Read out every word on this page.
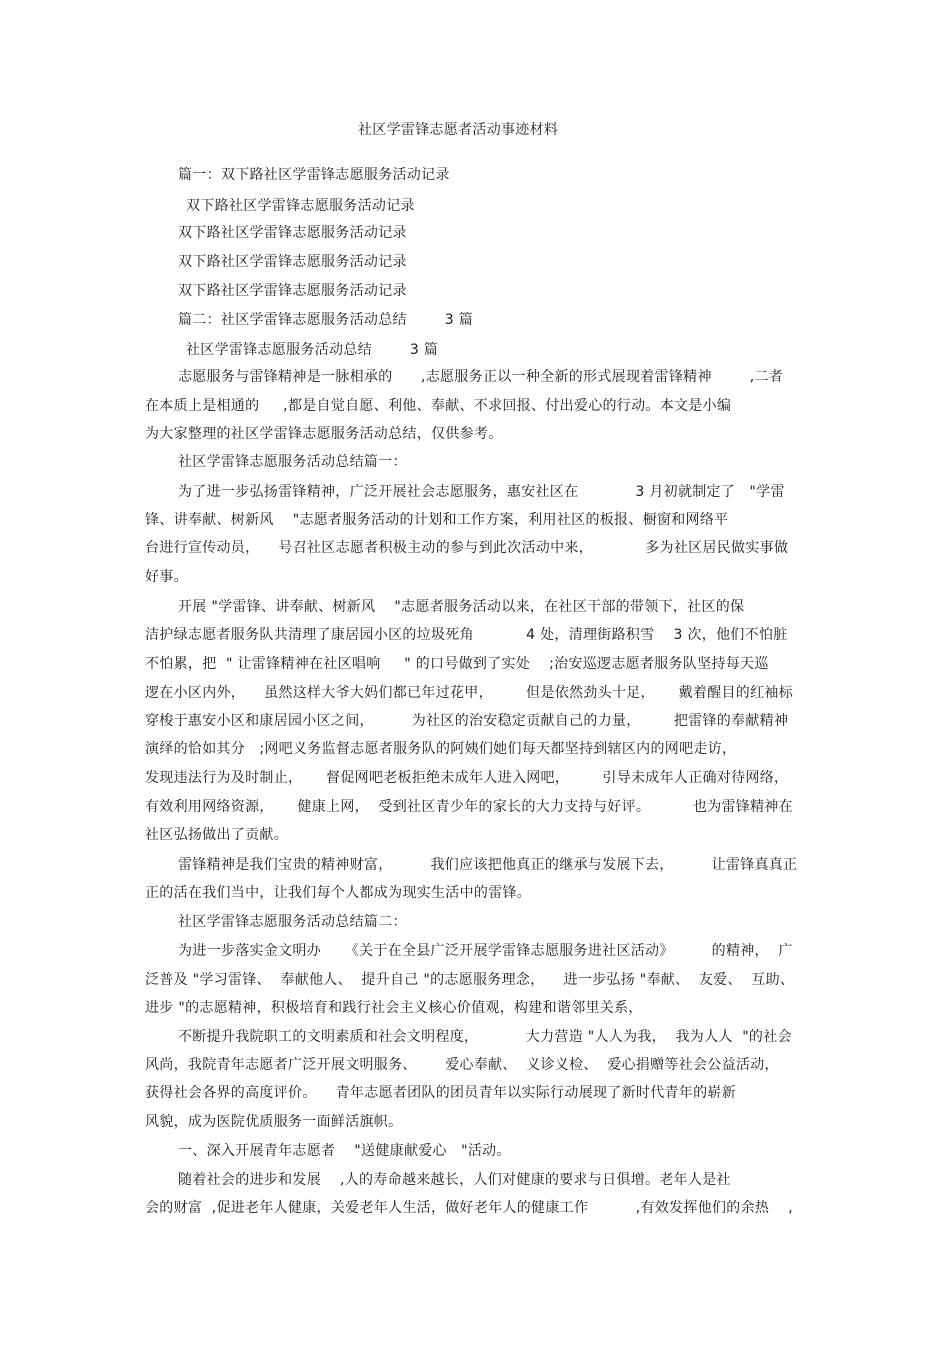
社区学雷锋志愿者活动事迹材料
篇一：双下路社区学雷锋志愿服务活动记录
双下路社区学雷锋志愿服务活动记录
双下路社区学雷锋志愿服务活动记录
双下路社区学雷锋志愿服务活动记录
双下路社区学雷锋志愿服务活动记录
篇二：社区学雷锋志愿服务活动总结        3 篇
社区学雷锋志愿服务活动总结        3 篇
志愿服务与雷锋精神是一脉相承的      ,志愿服务正以一种全新的形式展现着雷锋精神        ,二者
在本质上是相通的     ,都是自觉自愿、利他、奉献、不求回报、付出爱心的行动。本文是小编
为大家整理的社区学雷锋志愿服务活动总结，仅供参考。
社区学雷锋志愿服务活动总结篇一：
为了进一步弘扬雷锋精神，广泛开展社会志愿服务，惠安社区在            3 月初就制定了   "学雷
锋、讲奉献、树新风    "志愿者服务活动的计划和工作方案，利用社区的板报、橱窗和网络平
台进行宣传动员，    号召社区志愿者积极主动的参与到此次活动中来，           多为社区居民做实事做
好事。
开展 "学雷锋、讲奉献、树新风    "志愿者服务活动以来，在社区干部的带领下，社区的保
洁护绿志愿者服务队共清理了康居园小区的垃圾死角           4 处，清理街路积雪    3 次，他们不怕脏
不怕累，把  " 让雷锋精神在社区唱响     " 的口号做到了实处    ;治安巡逻志愿者服务队坚持每天巡
逻在小区内外，    虽然这样大爷大妈们都已年过花甲，       但是依然劲头十足，     戴着醒目的红袖标
穿梭于惠安小区和康居园小区之间，        为社区的治安稳定贡献自己的力量，       把雷锋的奉献精神
演绎的恰如其分   ;网吧义务监督志愿者服务队的阿姨们她们每天都坚持到辖区内的网吧走访，
发现违法行为及时制止，     督促网吧老板拒绝未成年人进入网吧，       引导未成年人正确对待网络，
有效利用网络资源，     健康上网，  受到社区青少年的家长的大力支持与好评。         也为雷锋精神在
社区弘扬做出了贡献。
雷锋精神是我们宝贵的精神财富，        我们应该把他真正的继承与发展下去，        让雷锋真真正
正的活在我们当中，让我们每个人都成为现实生活中的雷锋。
社区学雷锋志愿服务活动总结篇二：
为进一步落实金文明办     《关于在全县广泛开展学雷锋志愿服务进社区活动》        的精神，  广
泛普及 "学习雷锋、  奉献他人、  提升自己 "的志愿服务理念，    进一步弘扬 "奉献、  友爱、  互助、
进步 "的志愿精神，积极培育和践行社会主义核心价值观，构建和谐邻里关系，
不断提升我院职工的文明素质和社会文明程度，          大力营造 "人人为我，  我为人人  "的社会
风尚，我院青年志愿者广泛开展文明服务、      爱心奉献、  义诊义检、  爱心捐赠等社会公益活动，
获得社会各界的高度评价。    青年志愿者团队的团员青年以实际行动展现了新时代青年的崭新
风貌，成为医院优质服务一面鲜活旗帜。
一、深入开展青年志愿者    "送健康献爱心   "活动。
随着社会的进步和发展    ,人的寿命越来越长，人们对健康的要求与日俱增。老年人是社
会的财富  ,促进老年人健康，关爱老年人生活，做好老年人的健康工作          ,有效发挥他们的余热    ,
